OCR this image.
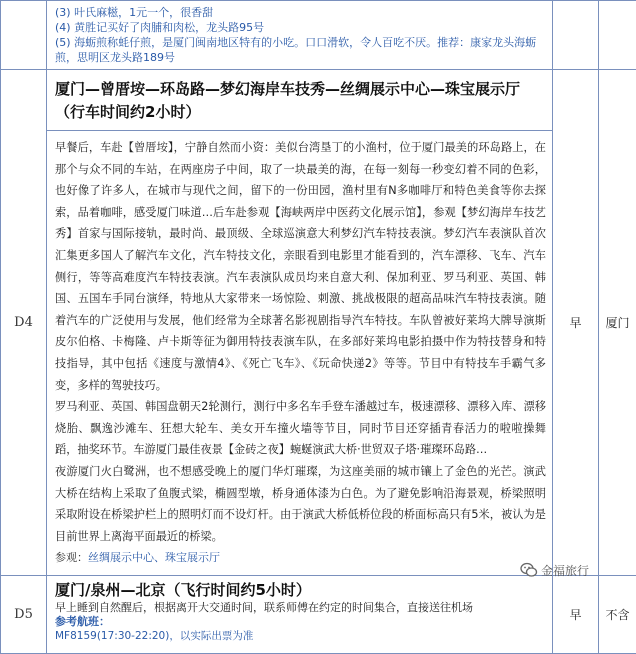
	(3) 叶氏麻糍，1元一个，很香甜
(4) 黄胜记买好了肉脯和肉松，龙头路95号
(5) 海蛎煎称蚝仔煎，是厦门闽南地区特有的小吃。口口滑软，令人百吃不厌。推荐：康家龙头海蛎煎，思明区龙头路189号		

D4	厦门—曾厝垵—环岛路—梦幻海岸车技秀—丝绸展示中心—珠宝展示厅（行车时间约2小时）
早餐后，车赴【曾厝垵】，宁静自然而小资：美似台湾垦丁的小渔村，位于厦门最美的环岛路上，在那个与众不同的车站，在两座房子中间，取了一块最美的海，在每一刻每一秒变幻着不同的色彩，也好像了许多人，在城市与现代之间，留下的一份田园，渔村里有N多咖啡厅和特色美食等你去探索，品着咖啡，感受厦门味道…后车赴参观【海峡两岸中医药文化展示馆】，参观【梦幻海岸车技艺秀】首家与国际接轨，最时尚、最顶级、全球巡演意大利梦幻汽车特技表演。梦幻汽车表演队首次汇集更多国人了解汽车文化，汽车特技文化，亲眼看到电影里才能看到的，汽车漂移、飞车、汽车侧行，等等高难度汽车特技表演。汽车表演队成员均来自意大利、保加利亚、罗马利亚、英国、韩国、五国车手同台演绎，特地从大家带来一场惊险、刺激、挑战极限的超高品味汽车特技表演。随着汽车的广泛使用与发展，他们经常为全球著名影视剧指导汽车特技。车队曾被好莱坞大牌导演斯皮尔伯格、卡梅隆、卢卡斯等征为御用特技表演车队，在多部好莱坞电影拍摄中作为特技替身和特技指导，其中包括《速度与激情4》、《死亡飞车》、《玩命快递2》等等。节目中有特技车手霸气多变，多样的驾驶技巧。
罗马利亚、英国、韩国盘朝天2轮测行，测行中多名车手登车潘越过车，极速漂移、漂移入库、漂移烧胎、飘逸沙滩车、狂想大轮车、美女开车撞火墙等节目，同时节目还穿插青春活力的啦啦操舞蹈，抽奖环节。车游厦门最佳夜景【金砖之夜】蜿蜒演武大桥·世贸双子塔·璀璨环岛路…
夜游厦门火白鹭洲，也不想感受晚上的厦门华灯璀璨，为这座美丽的城市镶上了金色的光芒。演武大桥在结构上采取了鱼腹式梁，椭圆型墩，桥身通体漆为白色。为了避免影响沿海景观，桥梁照明采取附设在桥梁护栏上的照明灯而不设灯杆。由于演武大桥低桥位段的桥面标高只有5米，被认为是目前世界上离海平面最近的桥梁。
参观：丝绸展示中心、珠宝展示厅	早	厦门
D5	厦门/泉州—北京（飞行时间约5小时）
早上睡到自然醒后，根据离开大交通时间，联系师傅在约定的时间集合，直接送往机场
参考航班：
MF8159(17:30-22:20)，以实际出票为准	早	不含
金福旅行
